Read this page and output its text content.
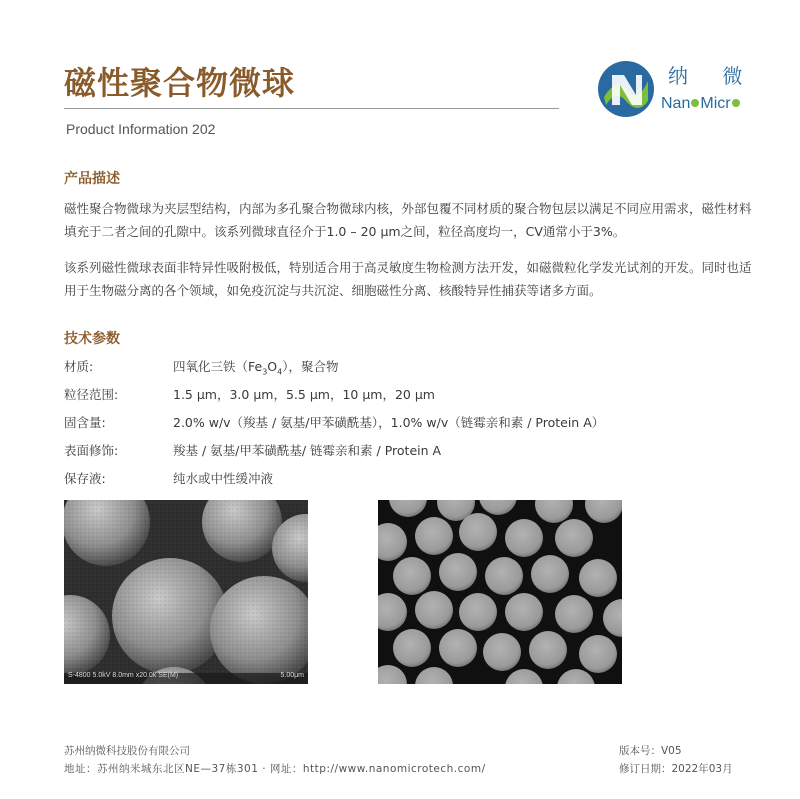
磁性聚合物微球
Product Information 202
纳 微
Nan Micr
产品描述

磁性聚合物微球为夹层型结构，内部为多孔聚合物微球内核，外部包覆不同材质的聚合物包层以满足不同应用需求，磁性材料填充于二者之间的孔隙中。该系列微球直径介于1.0 – 20 μm之间，粒径高度均一，CV通常小于3%。

该系列磁性微球表面非特异性吸附极低，特别适合用于高灵敏度生物检测方法开发，如磁微粒化学发光试剂的开发。同时也适用于生物磁分离的各个领域，如免疫沉淀与共沉淀、细胞磁性分离、核酸特异性捕获等诸多方面。

技术参数
材质:	四氧化三铁$(Fe_3O_4)$，聚合物
粒径范围:	1.5 μm，3.0 μm，5.5 μm，10 μm，20 μm
固含量:	2.0% w/v（羧基 / 氨基/甲苯磺酰基），1.0% w/v（链霉亲和素 / Protein A）
表面修饰:	羧基 / 氨基/甲苯磺酰基/ 链霉亲和素 / Protein A
保存液:	纯水或中性缓冲液
S-4800 5.0kV 8.0mm x20.0k SE(M)	5.00μm
苏州纳微科技股份有限公司
地址：苏州纳米城东北区NE—37栋301 · 网址：http://www.nanomicrotech.com/
版本号：V05
修订日期：2022年03月
